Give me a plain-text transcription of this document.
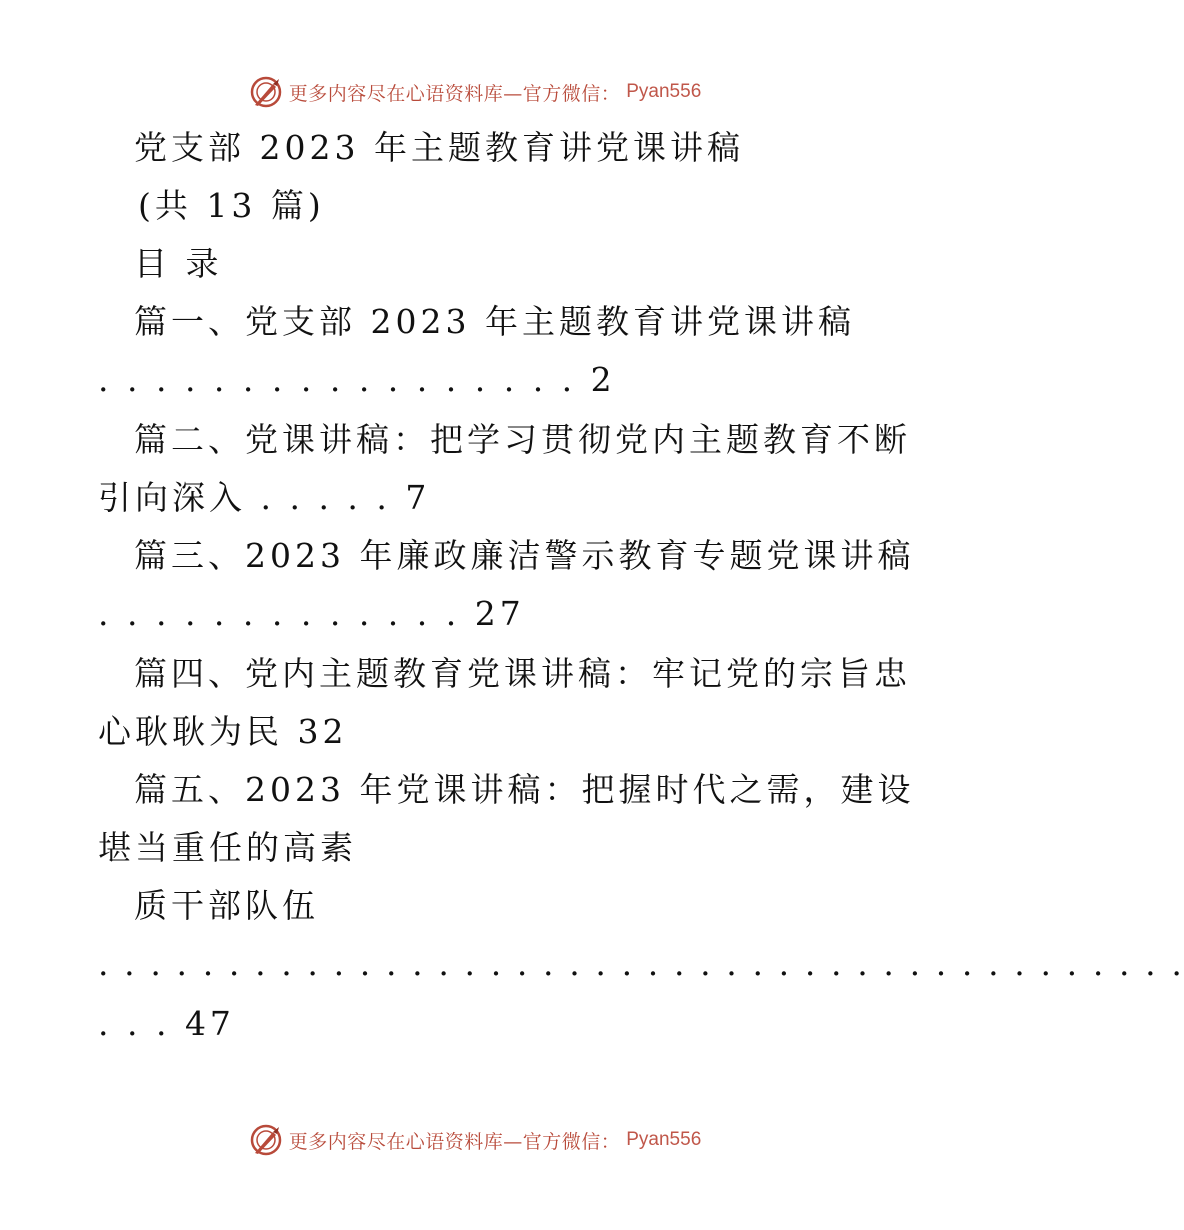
更多内容尽在心语资料库—官方微信： Pyan556
党支部 2023 年主题教育讲党课讲稿
(共 13 篇)
目 录
篇一、党支部 2023 年主题教育讲党课讲稿
. . . . . . . . . . . . . . . . . 2
篇二、党课讲稿：把学习贯彻党内主题教育不断
引向深入 . . . . . 7
篇三、2023 年廉政廉洁警示教育专题党课讲稿
. . . . . . . . . . . . . 27
篇四、党内主题教育党课讲稿：牢记党的宗旨忠
心耿耿为民 32
篇五、2023 年党课讲稿：把握时代之需，建设
堪当重任的高素
质干部队伍
. . . . . . . . . . . . . . . . . . . . . . . . . . . . . . . . . . . . . . . . . .
. . . 47
更多内容尽在心语资料库—官方微信： Pyan556
